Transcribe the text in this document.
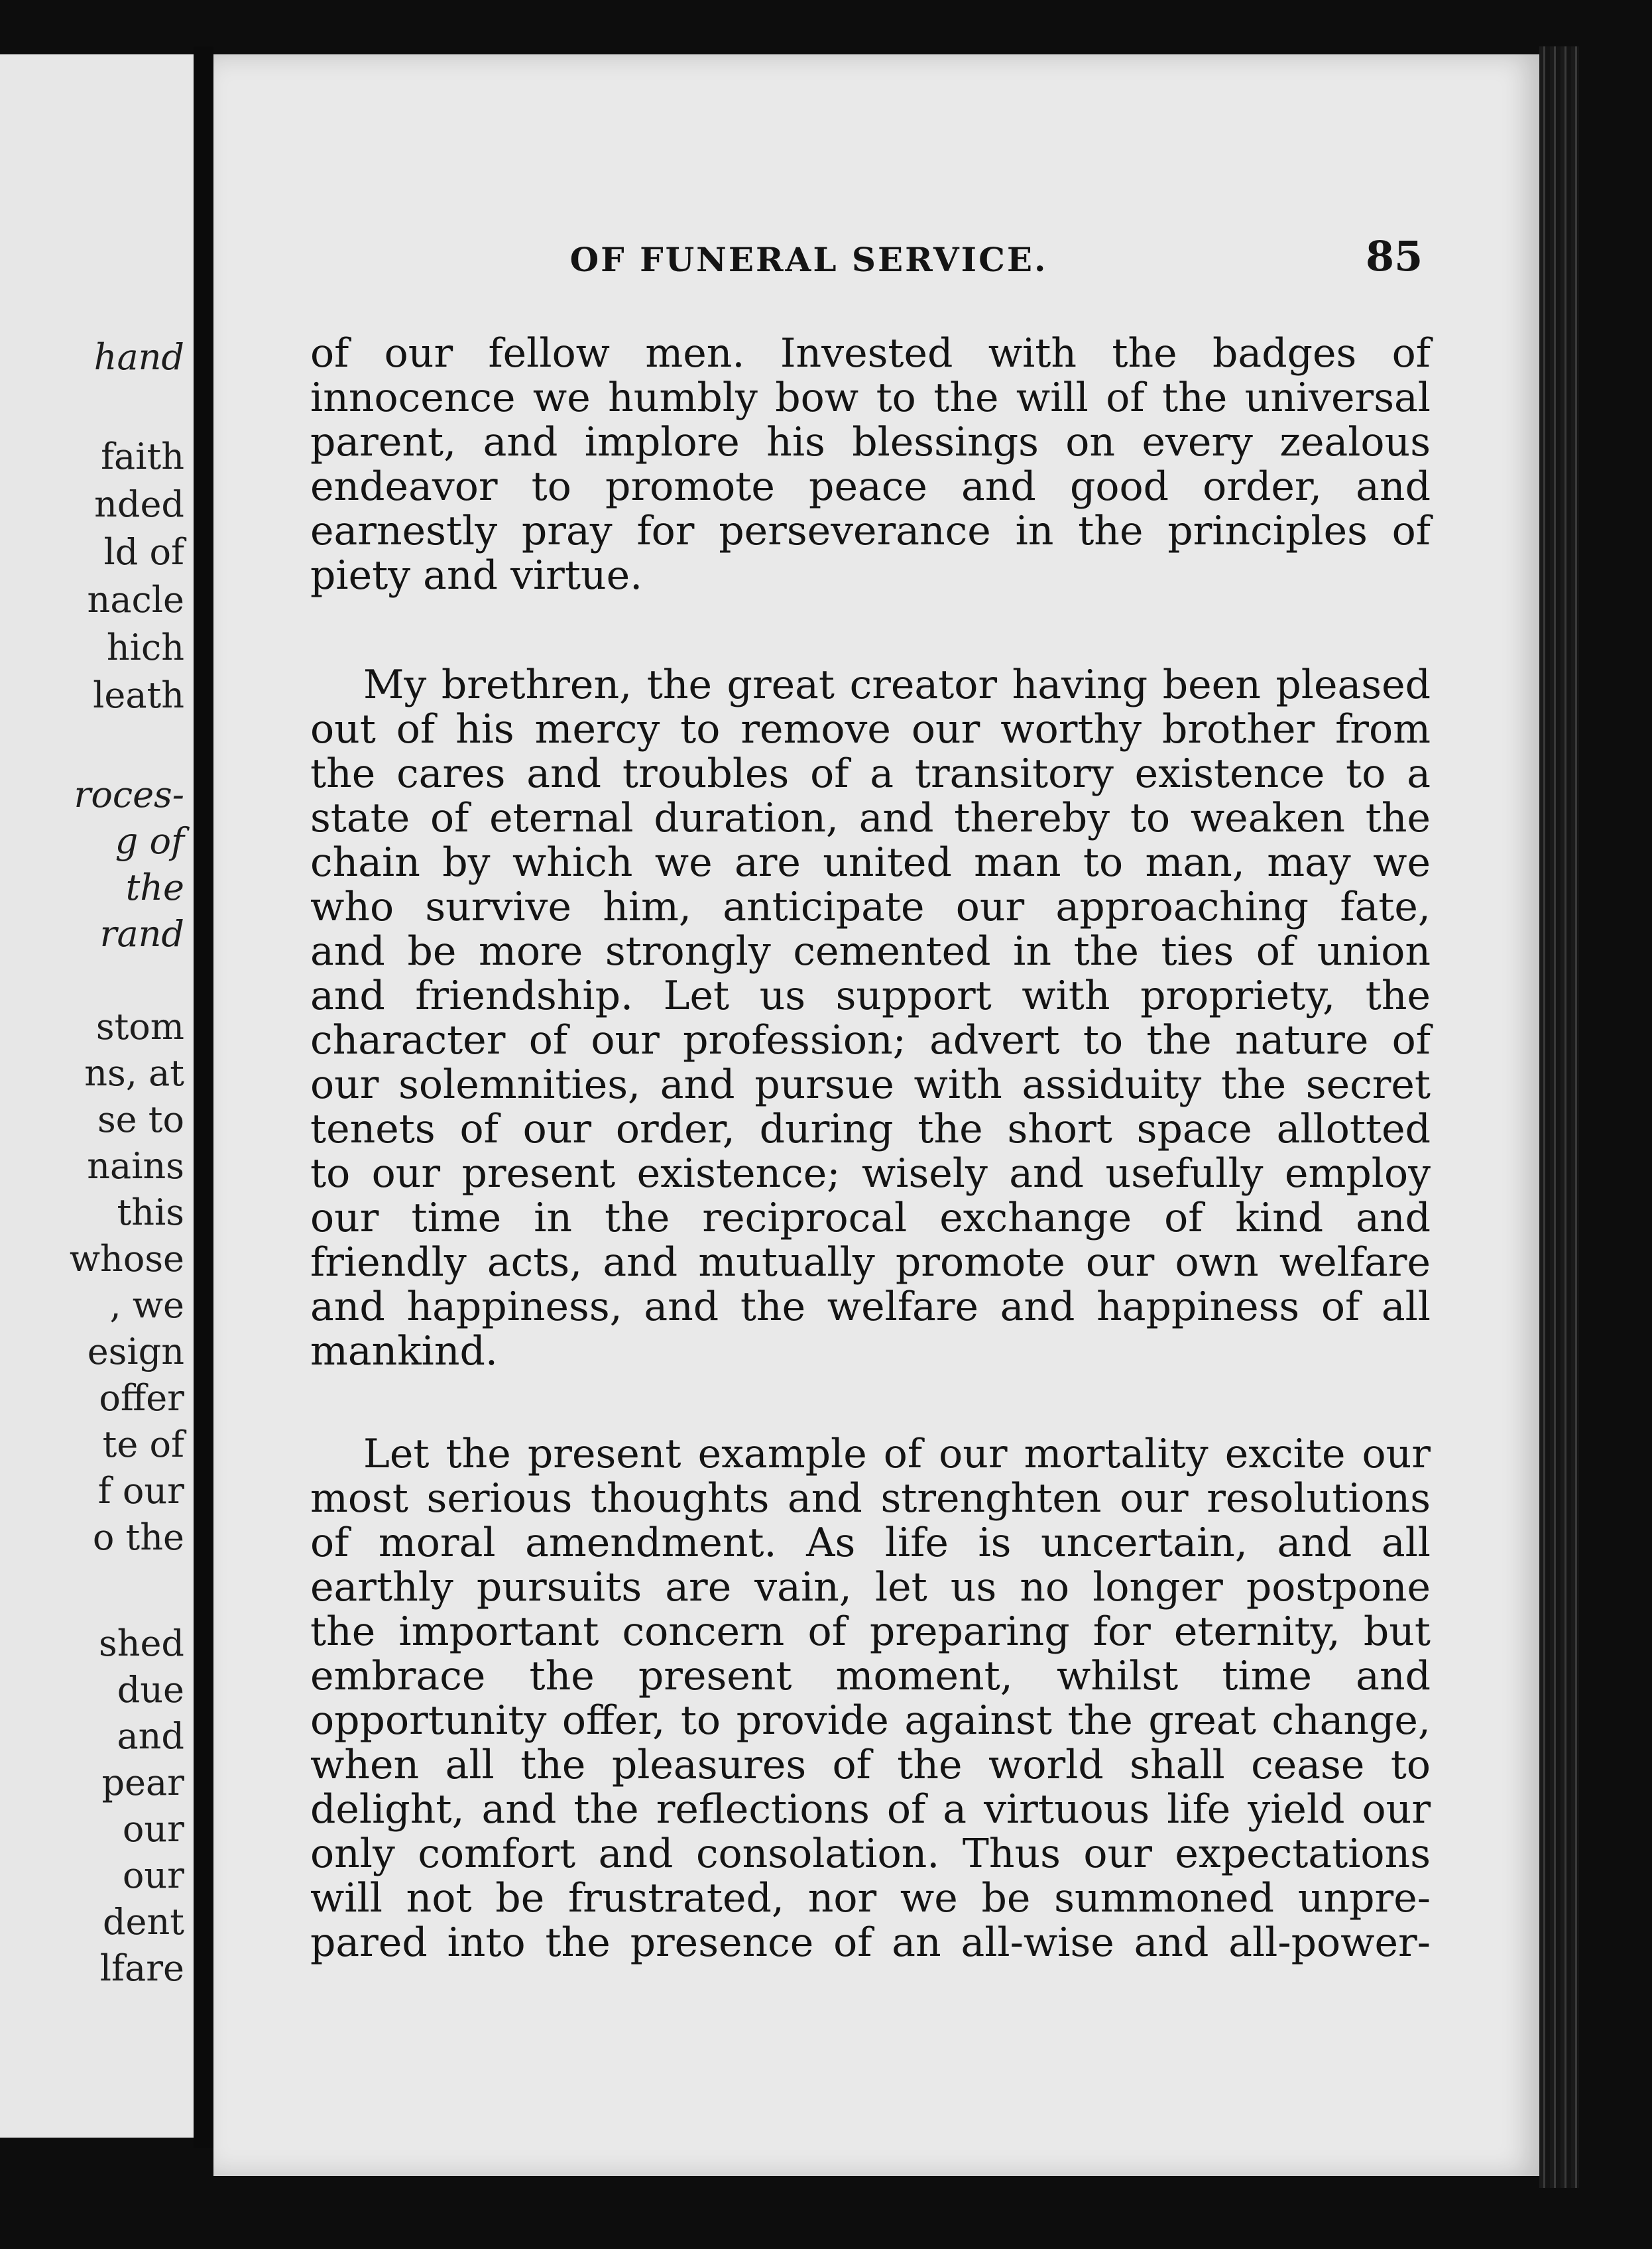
hand
faith
nded
ld of
nacle
hich
leath
roces-
g of
the
rand
stom
ns, at
se to
nains
this
whose
, we
esign
offer
te of
f our
o the
shed
due
and
pear
our
our
dent
lfare
OF FUNERAL SERVICE.	85
of our fellow men. Invested with the badges of
innocence we humbly bow to the will of the universal
parent, and implore his blessings on every zealous
endeavor to promote peace and good order, and
earnestly pray for perseverance in the principles of
piety and virtue.
My brethren, the great creator having been pleased
out of his mercy to remove our worthy brother from
the cares and troubles of a transitory existence to a
state of eternal duration, and thereby to weaken the
chain by which we are united man to man, may we
who survive him, anticipate our approaching fate,
and be more strongly cemented in the ties of union
and friendship. Let us support with propriety, the
character of our profession; advert to the nature of
our solemnities, and pursue with assiduity the secret
tenets of our order, during the short space allotted
to our present existence; wisely and usefully employ
our time in the reciprocal exchange of kind and
friendly acts, and mutually promote our own welfare
and happiness, and the welfare and happiness of all
mankind.
Let the present example of our mortality excite our
most serious thoughts and strenghten our resolutions
of moral amendment. As life is uncertain, and all
earthly pursuits are vain, let us no longer postpone
the important concern of preparing for eternity, but
embrace the present moment, whilst time and
opportunity offer, to provide against the great change,
when all the pleasures of the world shall cease to
delight, and the reflections of a virtuous life yield our
only comfort and consolation. Thus our expectations
will not be frustrated, nor we be summoned unpre-
pared into the presence of an all-wise and all-power-
